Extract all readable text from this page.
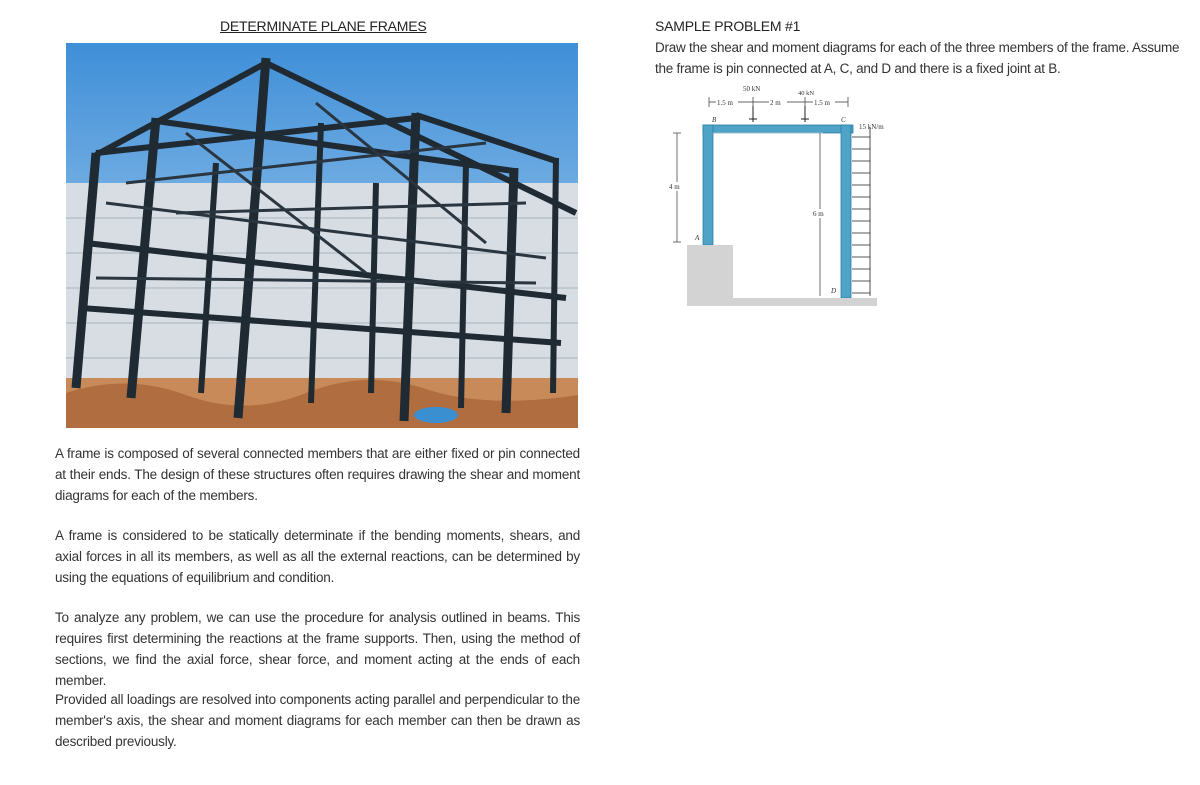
DETERMINATE PLANE FRAMES
A frame is composed of several connected members that are either fixed or pin connected at their ends. The design of these structures often requires drawing the shear and moment diagrams for each of the members.
A frame is considered to be statically determinate if the bending moments, shears, and axial forces in all its members, as well as all the external reactions, can be determined by using the equations of equilibrium and condition.
To analyze any problem, we can use the procedure for analysis outlined in beams. This requires first determining the reactions at the frame supports. Then, using the method of sections, we find the axial force, shear force, and moment acting at the ends of each member.
Provided all loadings are resolved into components acting parallel and perpendicular to the member's axis, the shear and moment diagrams for each member can then be drawn as described previously.
SAMPLE PROBLEM #1
Draw the shear and moment diagrams for each of the three members of the frame. Assume the frame is pin connected at A, C, and D and there is a fixed joint at B.
50 kN
40 kN
1.5 m	2 m	1.5 m
B	C
4 m
6 m
A
D
15 kN/m
